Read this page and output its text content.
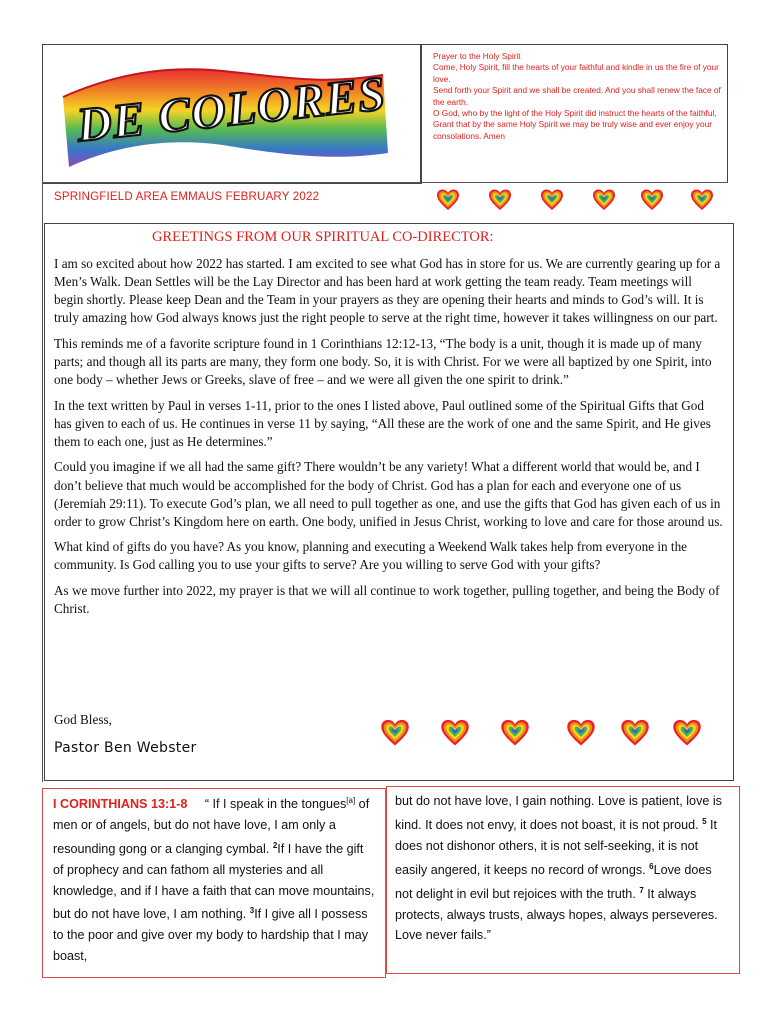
DE COLORES
Prayer to the Holy Spirit
Come, Holy Spirit, fill the hearts of your faithful and kindle in us the fire of your love.
Send forth your Spirit and we shall be created. And you shall renew the face of the earth.
O God, who by the light of the Holy Spirit did instruct the hearts of the faithful,
Grant that by the same Holy Spirit we may be truly wise and ever enjoy your consolations. Amen
SPRINGFIELD AREA EMMAUS FEBRUARY 2022
GREETINGS FROM OUR SPIRITUAL CO-DIRECTOR:

I am so excited about how 2022 has started. I am excited to see what God has in store for us. We are currently gearing up for a Men’s Walk. Dean Settles will be the Lay Director and has been hard at work getting the team ready. Team meetings will begin shortly. Please keep Dean and the Team in your prayers as they are opening their hearts and minds to God’s will. It is truly amazing how God always knows just the right people to serve at the right time, however it takes willingness on our part.

This reminds me of a favorite scripture found in 1 Corinthians 12:12-13, “The body is a unit, though it is made up of many parts; and though all its parts are many, they form one body. So, it is with Christ. For we were all baptized by one Spirit, into one body – whether Jews or Greeks, slave of free – and we were all given the one spirit to drink.”

In the text written by Paul in verses 1-11, prior to the ones I listed above, Paul outlined some of the Spiritual Gifts that God has given to each of us. He continues in verse 11 by saying, “All these are the work of one and the same Spirit, and He gives them to each one, just as He determines.”

Could you imagine if we all had the same gift? There wouldn’t be any variety! What a different world that would be, and I don’t believe that much would be accomplished for the body of Christ. God has a plan for each and everyone one of us (Jeremiah 29:11). To execute God’s plan, we all need to pull together as one, and use the gifts that God has given each of us in order to grow Christ’s Kingdom here on earth. One body, unified in Jesus Christ, working to love and care for those around us.

What kind of gifts do you have? As you know, planning and executing a Weekend Walk takes help from everyone in the community. Is God calling you to use your gifts to serve? Are you willing to serve God with your gifts?

As we move further into 2022, my prayer is that we will all continue to work together, pulling together, and being the Body of Christ.

God Bless,
Pastor Ben Webster
I CORINTHIANS 13:1-8 “ If I speak in the tongues[a] of men or of angels, but do not have love, I am only a resounding gong or a clanging cymbal. $^2$If I have the gift of prophecy and can fathom all mysteries and all knowledge, and if I have a faith that can move mountains, but do not have love, I am nothing. $^3$If I give all I possess to the poor and give over my body to hardship that I may boast,
but do not have love, I gain nothing. Love is patient, love is kind. It does not envy, it does not boast, it is not proud. $^5$ It does not dishonor others, it is not self-seeking, it is not easily angered, it keeps no record of wrongs. $^6$Love does not delight in evil but rejoices with the truth. $^7$ It always protects, always trusts, always hopes, always perseveres. Love never fails.”
